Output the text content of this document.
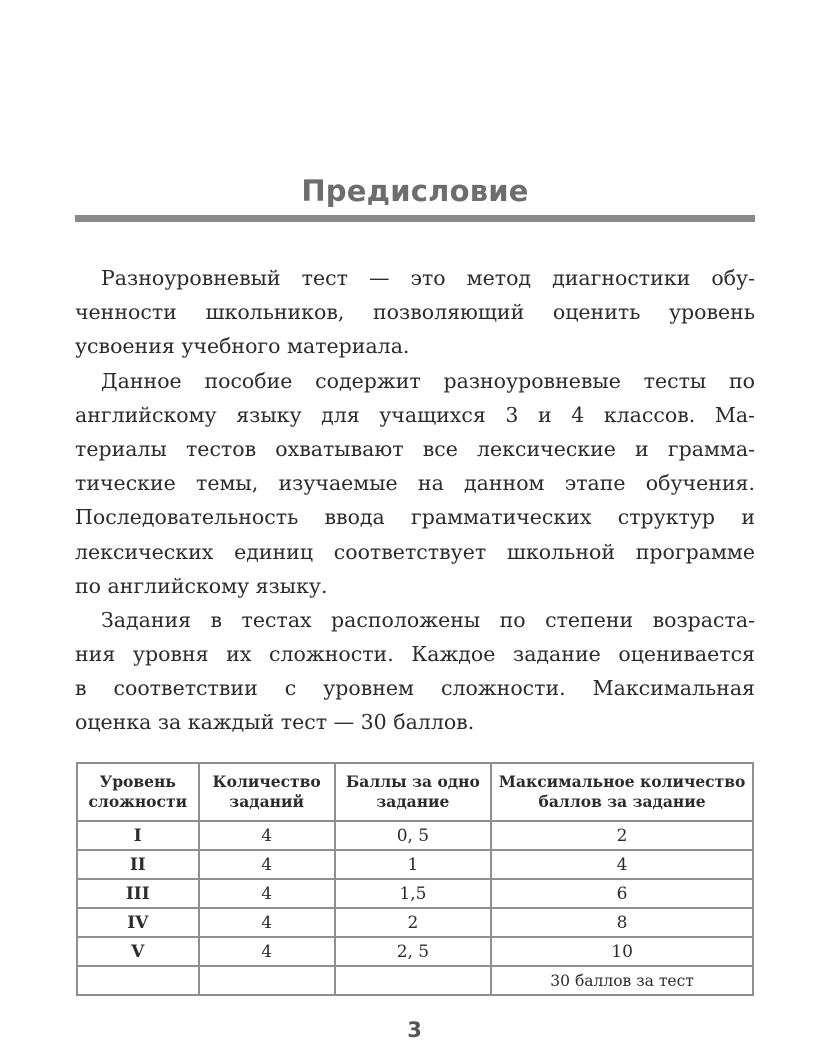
Предисловие
Разноуровневый тест — это метод диагностики обу-
ченности школьников, позволяющий оценить уровень
усвоения учебного материала.
Данное пособие содержит разноуровневые тесты по
английскому языку для учащихся 3 и 4 классов. Ма-
териалы тестов охватывают все лексические и грамма-
тические темы, изучаемые на данном этапе обучения.
Последовательность ввода грамматических структур и
лексических единиц соответствует школьной программе
по английскому языку.
Задания в тестах расположены по степени возраста-
ния уровня их сложности. Каждое задание оценивается
в соответствии с уровнем сложности. Максимальная
оценка за каждый тест — 30 баллов.
Уровень сложности	Количество заданий	Баллы за одно задание	Максимальное количество баллов за задание
I	4	0, 5	2
II	4	1	4
III	4	1,5	6
IV	4	2	8
V	4	2, 5	10
			30 баллов за тест
3
